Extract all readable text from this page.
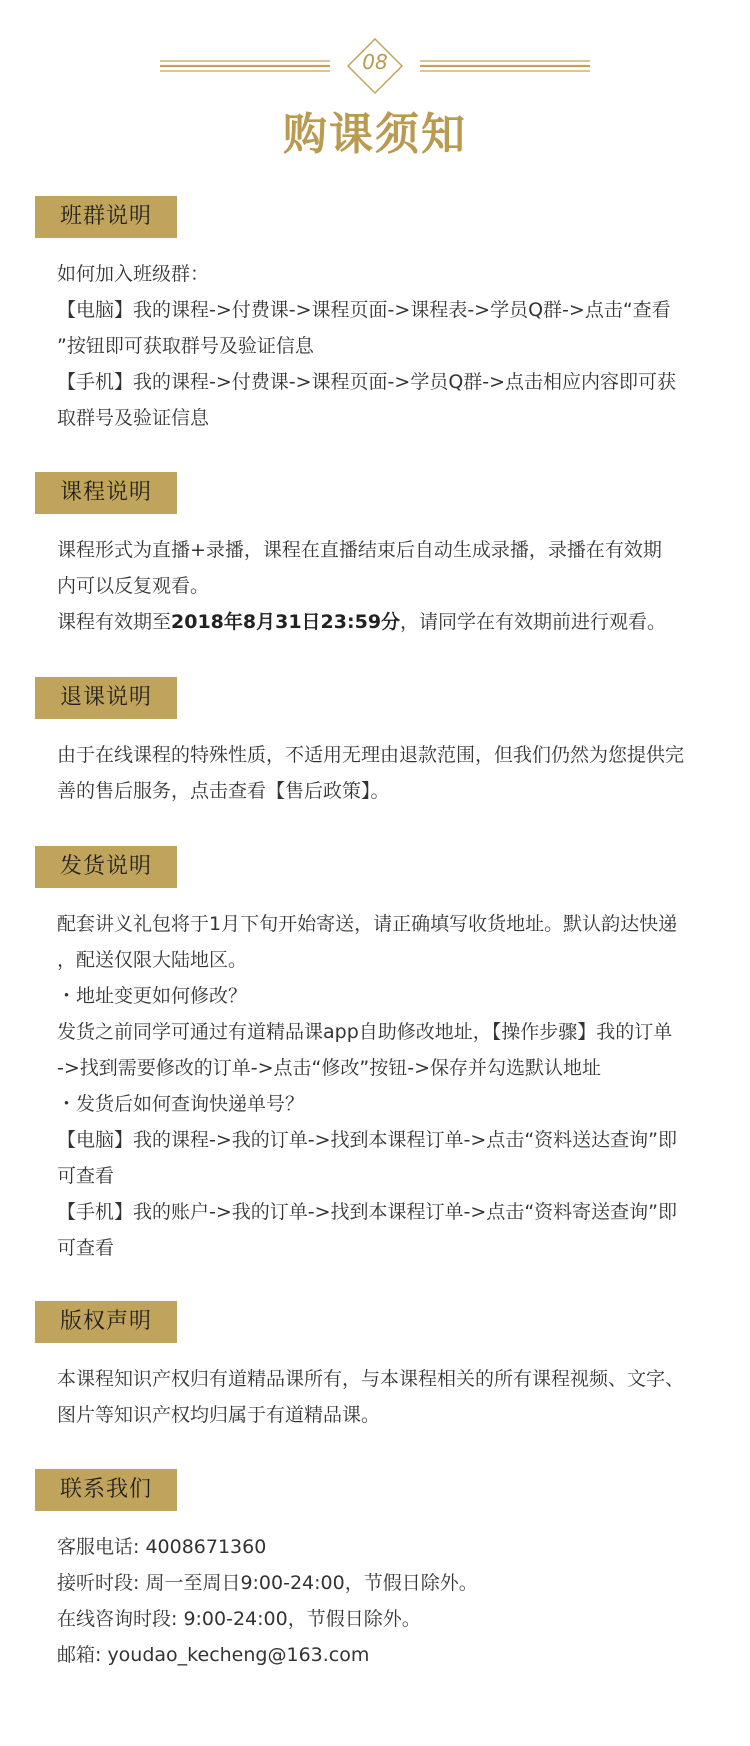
08
购课须知
班群说明
如何加入班级群：
【电脑】我的课程->付费课->课程页面->课程表->学员Q群->点击“查看
”按钮即可获取群号及验证信息
【手机】我的课程->付费课->课程页面->学员Q群->点击相应内容即可获
取群号及验证信息
课程说明
课程形式为直播+录播，课程在直播结束后自动生成录播，录播在有效期
内可以反复观看。
课程有效期至2018年8月31日23:59分，请同学在有效期前进行观看。
退课说明
由于在线课程的特殊性质，不适用无理由退款范围，但我们仍然为您提供完
善的售后服务，点击查看【售后政策】。
发货说明
配套讲义礼包将于1月下旬开始寄送，请正确填写收货地址。默认韵达快递
，配送仅限大陆地区。
・地址变更如何修改？
发货之前同学可通过有道精品课app自助修改地址，【操作步骤】我的订单
->找到需要修改的订单->点击“修改”按钮->保存并勾选默认地址
・发货后如何查询快递单号？
【电脑】我的课程->我的订单->找到本课程订单->点击“资料送达查询”即
可查看
【手机】我的账户->我的订单->找到本课程订单->点击“资料寄送查询”即
可查看
版权声明
本课程知识产权归有道精品课所有，与本课程相关的所有课程视频、文字、
图片等知识产权均归属于有道精品课。
联系我们
客服电话: 4008671360
接听时段: 周一至周日9:00-24:00，节假日除外。
在线咨询时段: 9:00-24:00，节假日除外。
邮箱: youdao_kecheng@163.com
